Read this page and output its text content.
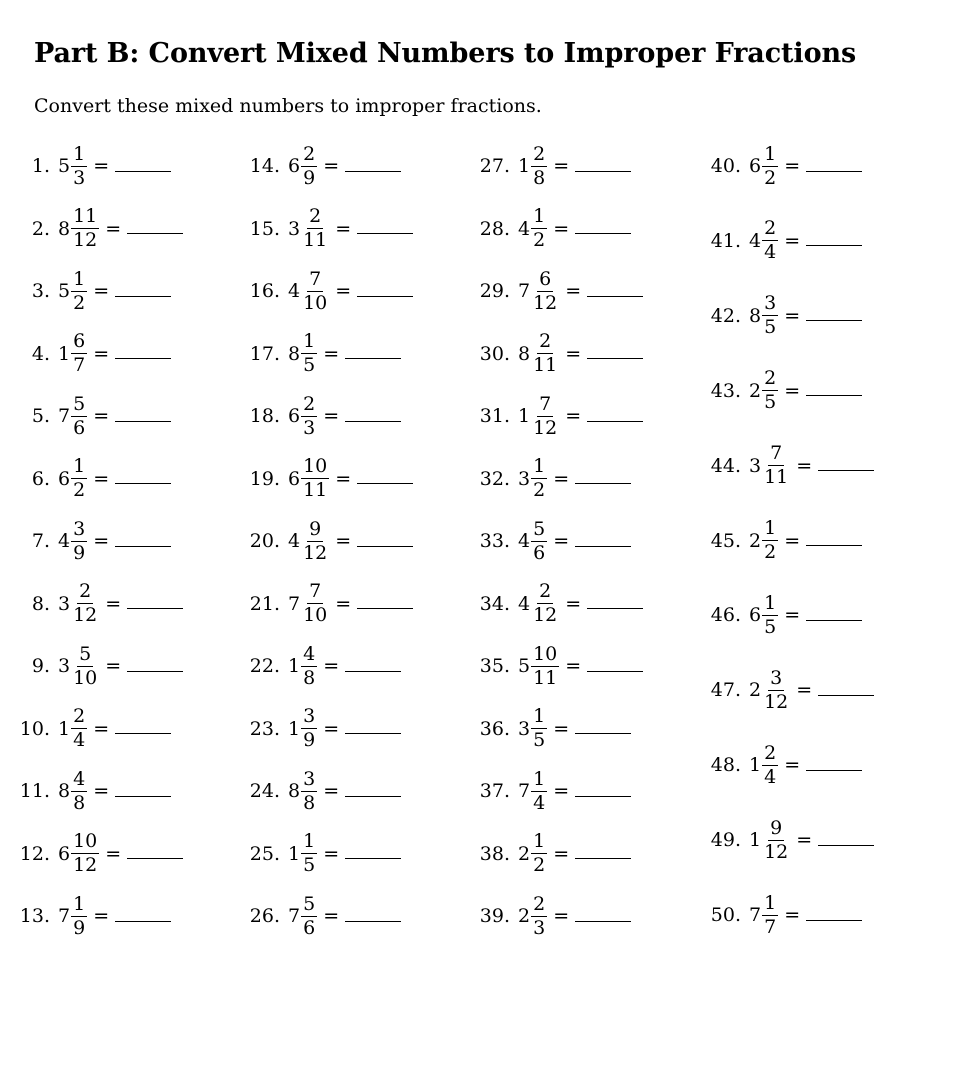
Part B: Convert Mixed Numbers to Improper Fractions
Convert these mixed numbers to improper fractions.
1. $5 \frac{1}{3}$ =
2. $8 \frac{11}{12}$ =
3. $5 \frac{1}{2}$ =
4. $1 \frac{6}{7}$ =
5. $7 \frac{5}{6}$ =
6. $6 \frac{1}{2}$ =
7. $4 \frac{3}{9}$ =
8. $3 \frac{2}{12}$ =
9. $3 \frac{5}{10}$ =
10. $1 \frac{2}{4}$ =
11. $8 \frac{4}{8}$ =
12. $6 \frac{10}{12}$ =
13. $7 \frac{1}{9}$ =
14. $6 \frac{2}{9}$ =
15. $3 \frac{2}{11}$ =
16. $4 \frac{7}{10}$ =
17. $8 \frac{1}{5}$ =
18. $6 \frac{2}{3}$ =
19. $6 \frac{10}{11}$ =
20. $4 \frac{9}{12}$ =
21. $7 \frac{7}{10}$ =
22. $1 \frac{4}{8}$ =
23. $1 \frac{3}{9}$ =
24. $8 \frac{3}{8}$ =
25. $1 \frac{1}{5}$ =
26. $7 \frac{5}{6}$ =
27. $1 \frac{2}{8}$ =
28. $4 \frac{1}{2}$ =
29. $7 \frac{6}{12}$ =
30. $8 \frac{2}{11}$ =
31. $1 \frac{7}{12}$ =
32. $3 \frac{1}{2}$ =
33. $4 \frac{5}{6}$ =
34. $4 \frac{2}{12}$ =
35. $5 \frac{10}{11}$ =
36. $3 \frac{1}{5}$ =
37. $7 \frac{1}{4}$ =
38. $2 \frac{1}{2}$ =
39. $2 \frac{2}{3}$ =
40. $6 \frac{1}{2}$ =
41. $4 \frac{2}{4}$ =
42. $8 \frac{3}{5}$ =
43. $2 \frac{2}{5}$ =
44. $3 \frac{7}{11}$ =
45. $2 \frac{1}{2}$ =
46. $6 \frac{1}{5}$ =
47. $2 \frac{3}{12}$ =
48. $1 \frac{2}{4}$ =
49. $1 \frac{9}{12}$ =
50. $7 \frac{1}{7}$ =
